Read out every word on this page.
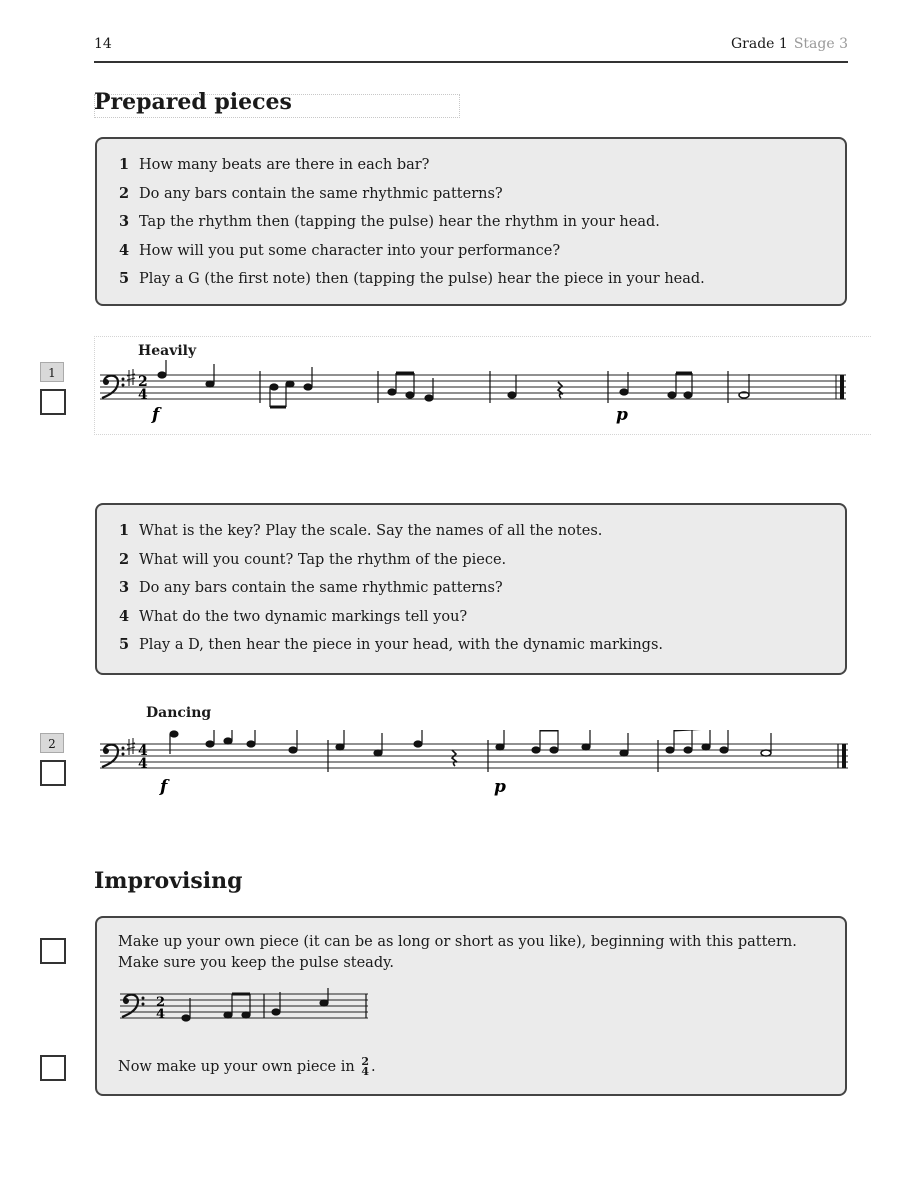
14	Grade 1 Stage 3
Prepared pieces
1 How many beats are there in each bar?
2 Do any bars contain the same rhythmic patterns?
3 Tap the rhythm then (tapping the pulse) hear the rhythm in your head.
4 How will you put some character into your performance?
5 Play a G (the first note) then (tapping the pulse) hear the piece in your head.
1
Heavily
2
4
f	p
1 What is the key? Play the scale. Say the names of all the notes.
2 What will you count? Tap the rhythm of the piece.
3 Do any bars contain the same rhythmic patterns?
4 What do the two dynamic markings tell you?
5 Play a D, then hear the piece in your head, with the dynamic markings.
2
Dancing
4
4
f	p
Improvising
Make up your own piece (it can be as long or short as you like), beginning with this pattern.
Make sure you keep the pulse steady.
2
4
Now make up your own piece in 2
4 .
